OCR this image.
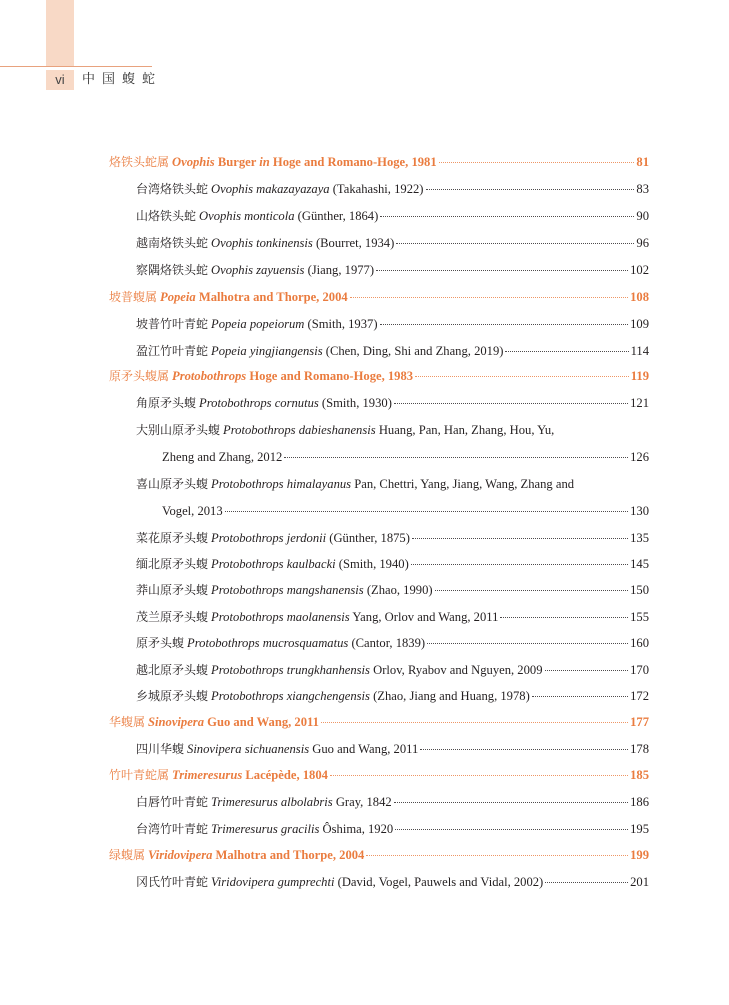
vi	中国蝮蛇
烙铁头蛇属 Ovophis Burger in Hoge and Romano-Hoge, 1981	81
台湾烙铁头蛇 Ovophis makazayazaya (Takahashi, 1922)	83
山烙铁头蛇 Ovophis monticola (Günther, 1864)	90
越南烙铁头蛇 Ovophis tonkinensis (Bourret, 1934)	96
察隅烙铁头蛇 Ovophis zayuensis (Jiang, 1977)	102
坡普蝮属 Popeia Malhotra and Thorpe, 2004	108
坡普竹叶青蛇 Popeia popeiorum (Smith, 1937)	109
盈江竹叶青蛇 Popeia yingjiangensis (Chen, Ding, Shi and Zhang, 2019)	114
原矛头蝮属 Protobothrops Hoge and Romano-Hoge, 1983	119
角原矛头蝮 Protobothrops cornutus (Smith, 1930)	121
大别山原矛头蝮 Protobothrops dabieshanensis Huang, Pan, Han, Zhang, Hou, Yu,
Zheng and Zhang, 2012	126
喜山原矛头蝮 Protobothrops himalayanus Pan, Chettri, Yang, Jiang, Wang, Zhang and
Vogel, 2013	130
菜花原矛头蝮 Protobothrops jerdonii (Günther, 1875)	135
缅北原矛头蝮 Protobothrops kaulbacki (Smith, 1940)	145
莽山原矛头蝮 Protobothrops mangshanensis (Zhao, 1990)	150
茂兰原矛头蝮 Protobothrops maolanensis Yang, Orlov and Wang, 2011	155
原矛头蝮 Protobothrops mucrosquamatus (Cantor, 1839)	160
越北原矛头蝮 Protobothrops trungkhanhensis Orlov, Ryabov and Nguyen, 2009	170
乡城原矛头蝮 Protobothrops xiangchengensis (Zhao, Jiang and Huang, 1978)	172
华蝮属 Sinovipera Guo and Wang, 2011	177
四川华蝮 Sinovipera sichuanensis Guo and Wang, 2011	178
竹叶青蛇属 Trimeresurus Lacépède, 1804	185
白唇竹叶青蛇 Trimeresurus albolabris Gray, 1842	186
台湾竹叶青蛇 Trimeresurus gracilis Ôshima, 1920	195
绿蝮属 Viridovipera Malhotra and Thorpe, 2004	199
冈氏竹叶青蛇 Viridovipera gumprechti (David, Vogel, Pauwels and Vidal, 2002)	201
